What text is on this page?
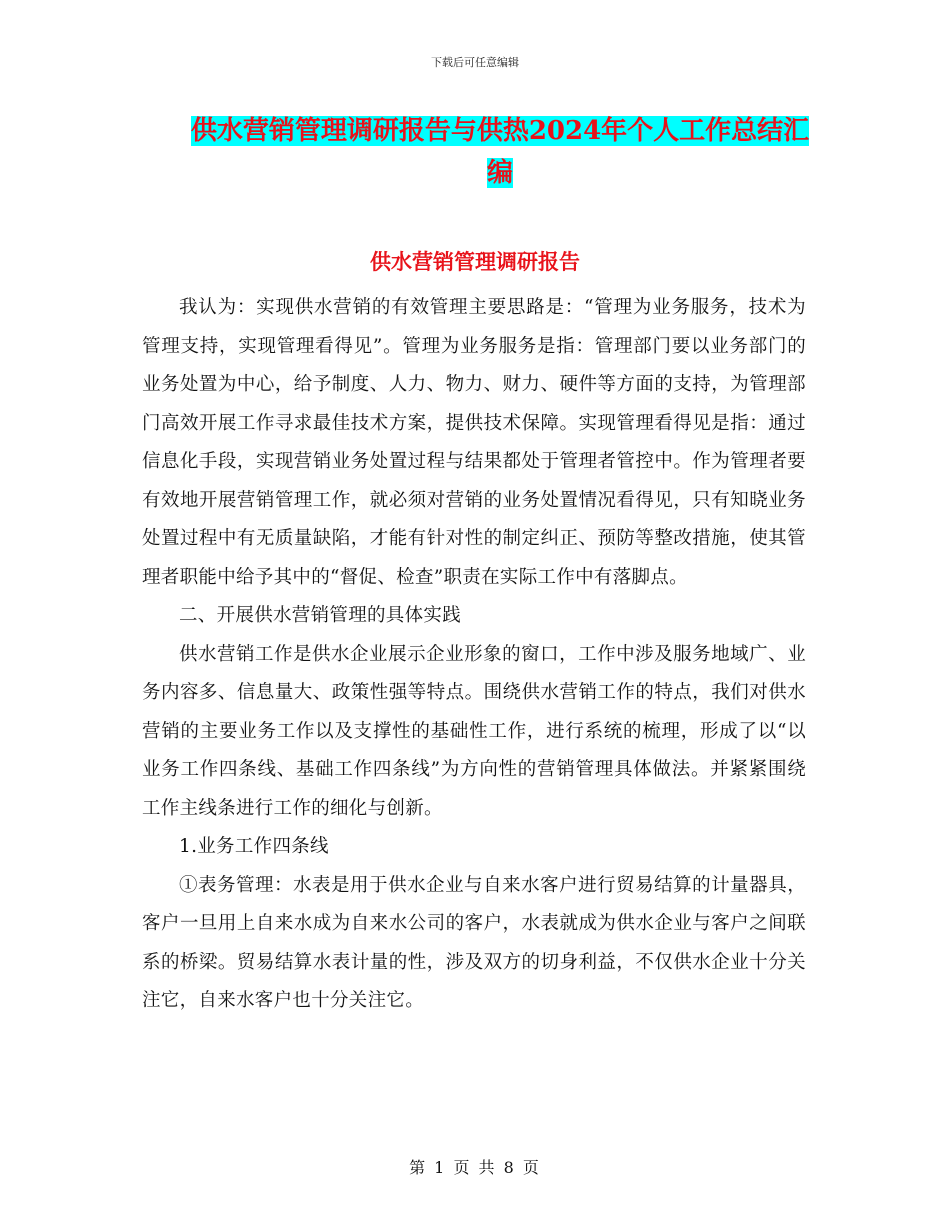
下载后可任意编辑
供水营销管理调研报告与供热2024年个人工作总结汇编
供水营销管理调研报告

我认为：实现供水营销的有效管理主要思路是：“管理为业务服务，技术为管理支持，实现管理看得见”。管理为业务服务是指：管理部门要以业务部门的业务处置为中心，给予制度、人力、物力、财力、硬件等方面的支持，为管理部门高效开展工作寻求最佳技术方案，提供技术保障。实现管理看得见是指：通过信息化手段，实现营销业务处置过程与结果都处于管理者管控中。作为管理者要有效地开展营销管理工作，就必须对营销的业务处置情况看得见，只有知晓业务处置过程中有无质量缺陷，才能有针对性的制定纠正、预防等整改措施，使其管理者职能中给予其中的“督促、检查”职责在实际工作中有落脚点。

二、开展供水营销管理的具体实践

供水营销工作是供水企业展示企业形象的窗口，工作中涉及服务地域广、业务内容多、信息量大、政策性强等特点。围绕供水营销工作的特点，我们对供水营销的主要业务工作以及支撑性的基础性工作，进行系统的梳理，形成了以“以业务工作四条线、基础工作四条线”为方向性的营销管理具体做法。并紧紧围绕工作主线条进行工作的细化与创新。

1.业务工作四条线

①表务管理：水表是用于供水企业与自来水客户进行贸易结算的计量器具，客户一旦用上自来水成为自来水公司的客户，水表就成为供水企业与客户之间联系的桥梁。贸易结算水表计量的性，涉及双方的切身利益，不仅供水企业十分关注它，自来水客户也十分关注它。

第 1 页 共 8 页
